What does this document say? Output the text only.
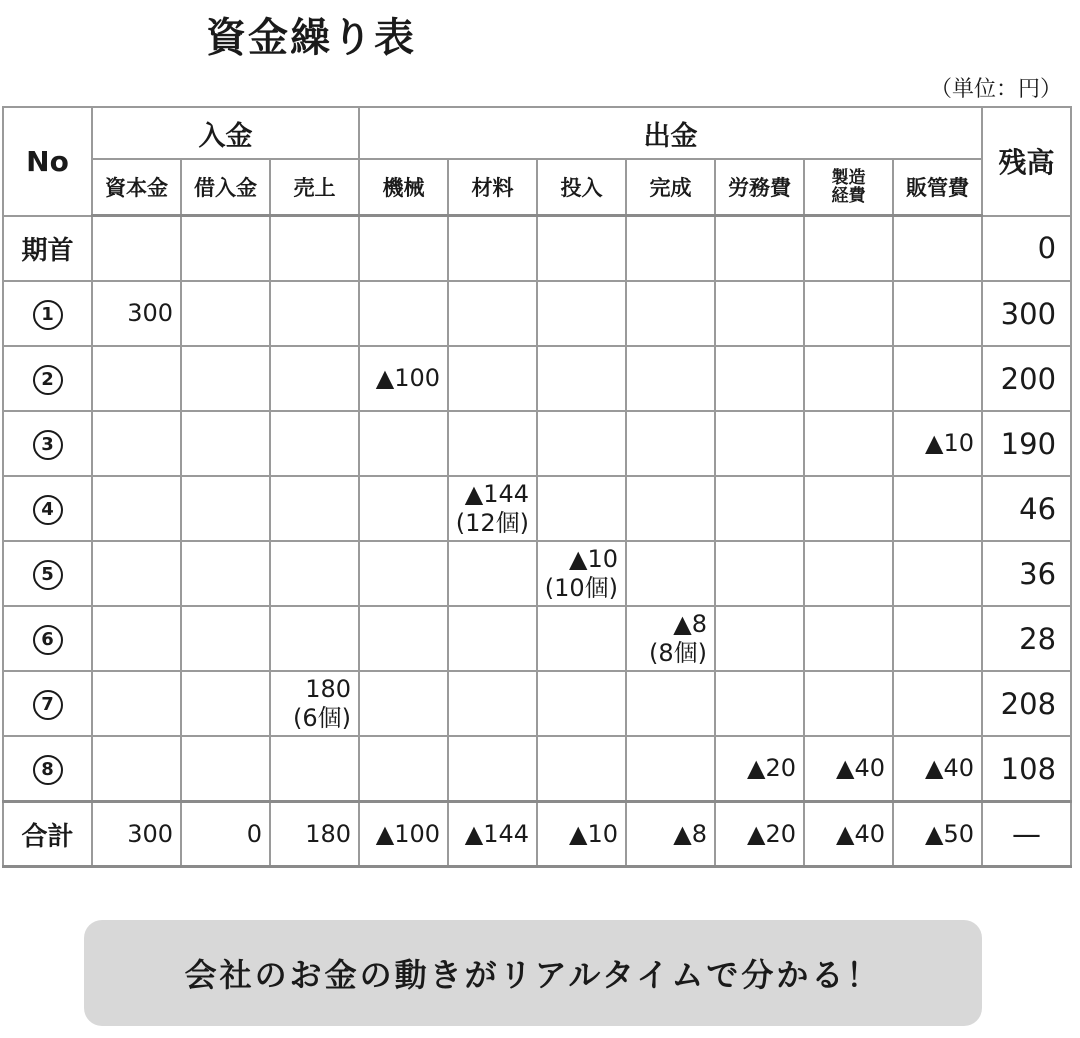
資金繰り表
（単位：円）
No	入金			出金							残高
	資本金	借入金	売上	機械	材料	投入	完成	労務費	製造
経費	販管費	
期首											0
1	300										300
2				▲100							200
3										▲10	190
4					▲144
(12個)						46
5						▲10
(10個)					36
6							▲8
(8個)				28
7			180
(6個)								208
8								▲20	▲40	▲40	108
合計	300	0	180	▲100	▲144	▲10	▲8	▲20	▲40	▲50	—
会社のお金の動きがリアルタイムで分かる！
